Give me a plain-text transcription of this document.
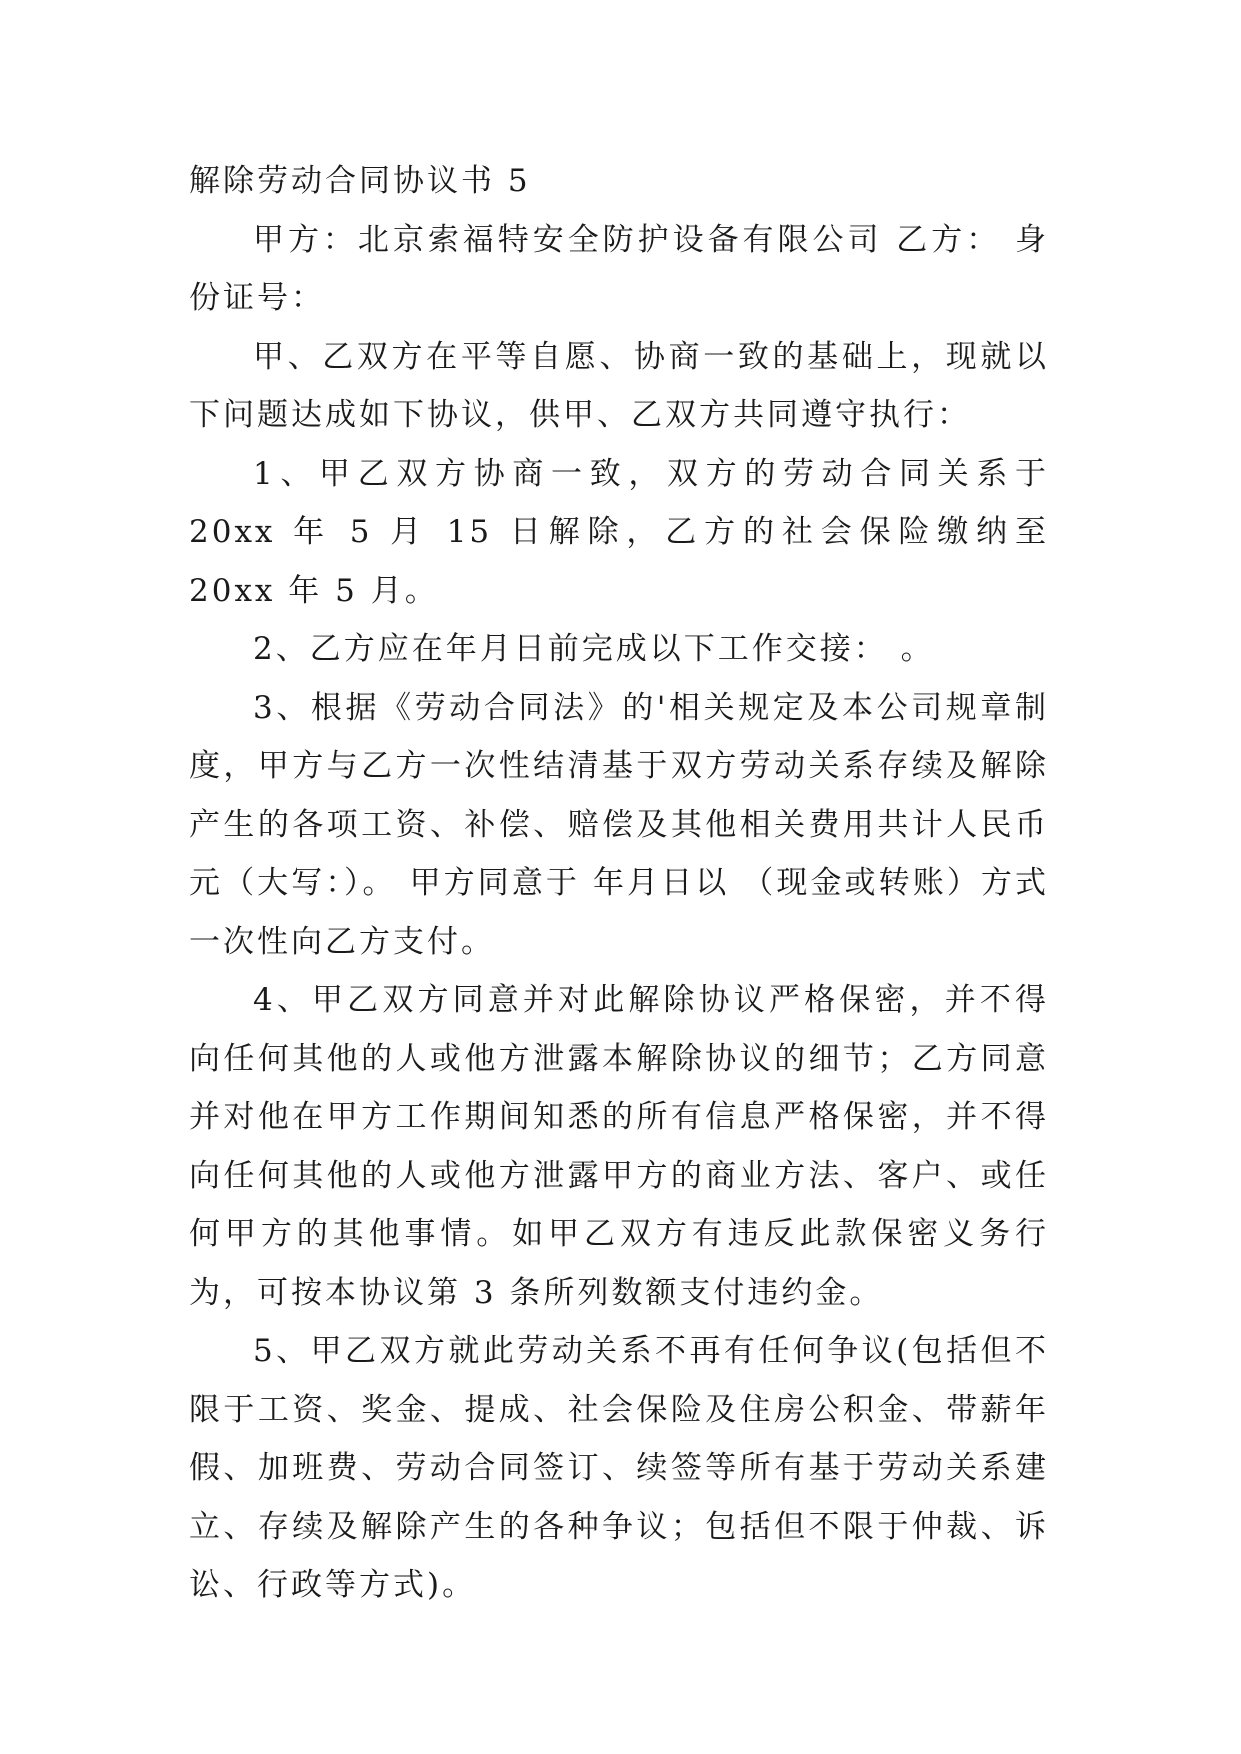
解除劳动合同协议书 5

甲方：北京索福特安全防护设备有限公司 乙方： 身份证号：

甲、乙双方在平等自愿、协商一致的基础上，现就以下问题达成如下协议，供甲、乙双方共同遵守执行：

1、甲乙双方协商一致，双方的劳动合同关系于 20xx 年 5 月 15 日解除，乙方的社会保险缴纳至 20xx 年 5 月。

2、乙方应在年月日前完成以下工作交接： 。

3、根据《劳动合同法》的'相关规定及本公司规章制度，甲方与乙方一次性结清基于双方劳动关系存续及解除产生的各项工资、补偿、赔偿及其他相关费用共计人民币元（大写：）。 甲方同意于 年月日以 （现金或转账）方式一次性向乙方支付。

4、甲乙双方同意并对此解除协议严格保密，并不得向任何其他的人或他方泄露本解除协议的细节；乙方同意并对他在甲方工作期间知悉的所有信息严格保密，并不得向任何其他的人或他方泄露甲方的商业方法、客户、或任何甲方的其他事情。如甲乙双方有违反此款保密义务行为，可按本协议第 3 条所列数额支付违约金。

5、甲乙双方就此劳动关系不再有任何争议(包括但不限于工资、奖金、提成、社会保险及住房公积金、带薪年假、加班费、劳动合同签订、续签等所有基于劳动关系建立、存续及解除产生的各种争议；包括但不限于仲裁、诉讼、行政等方式)。
